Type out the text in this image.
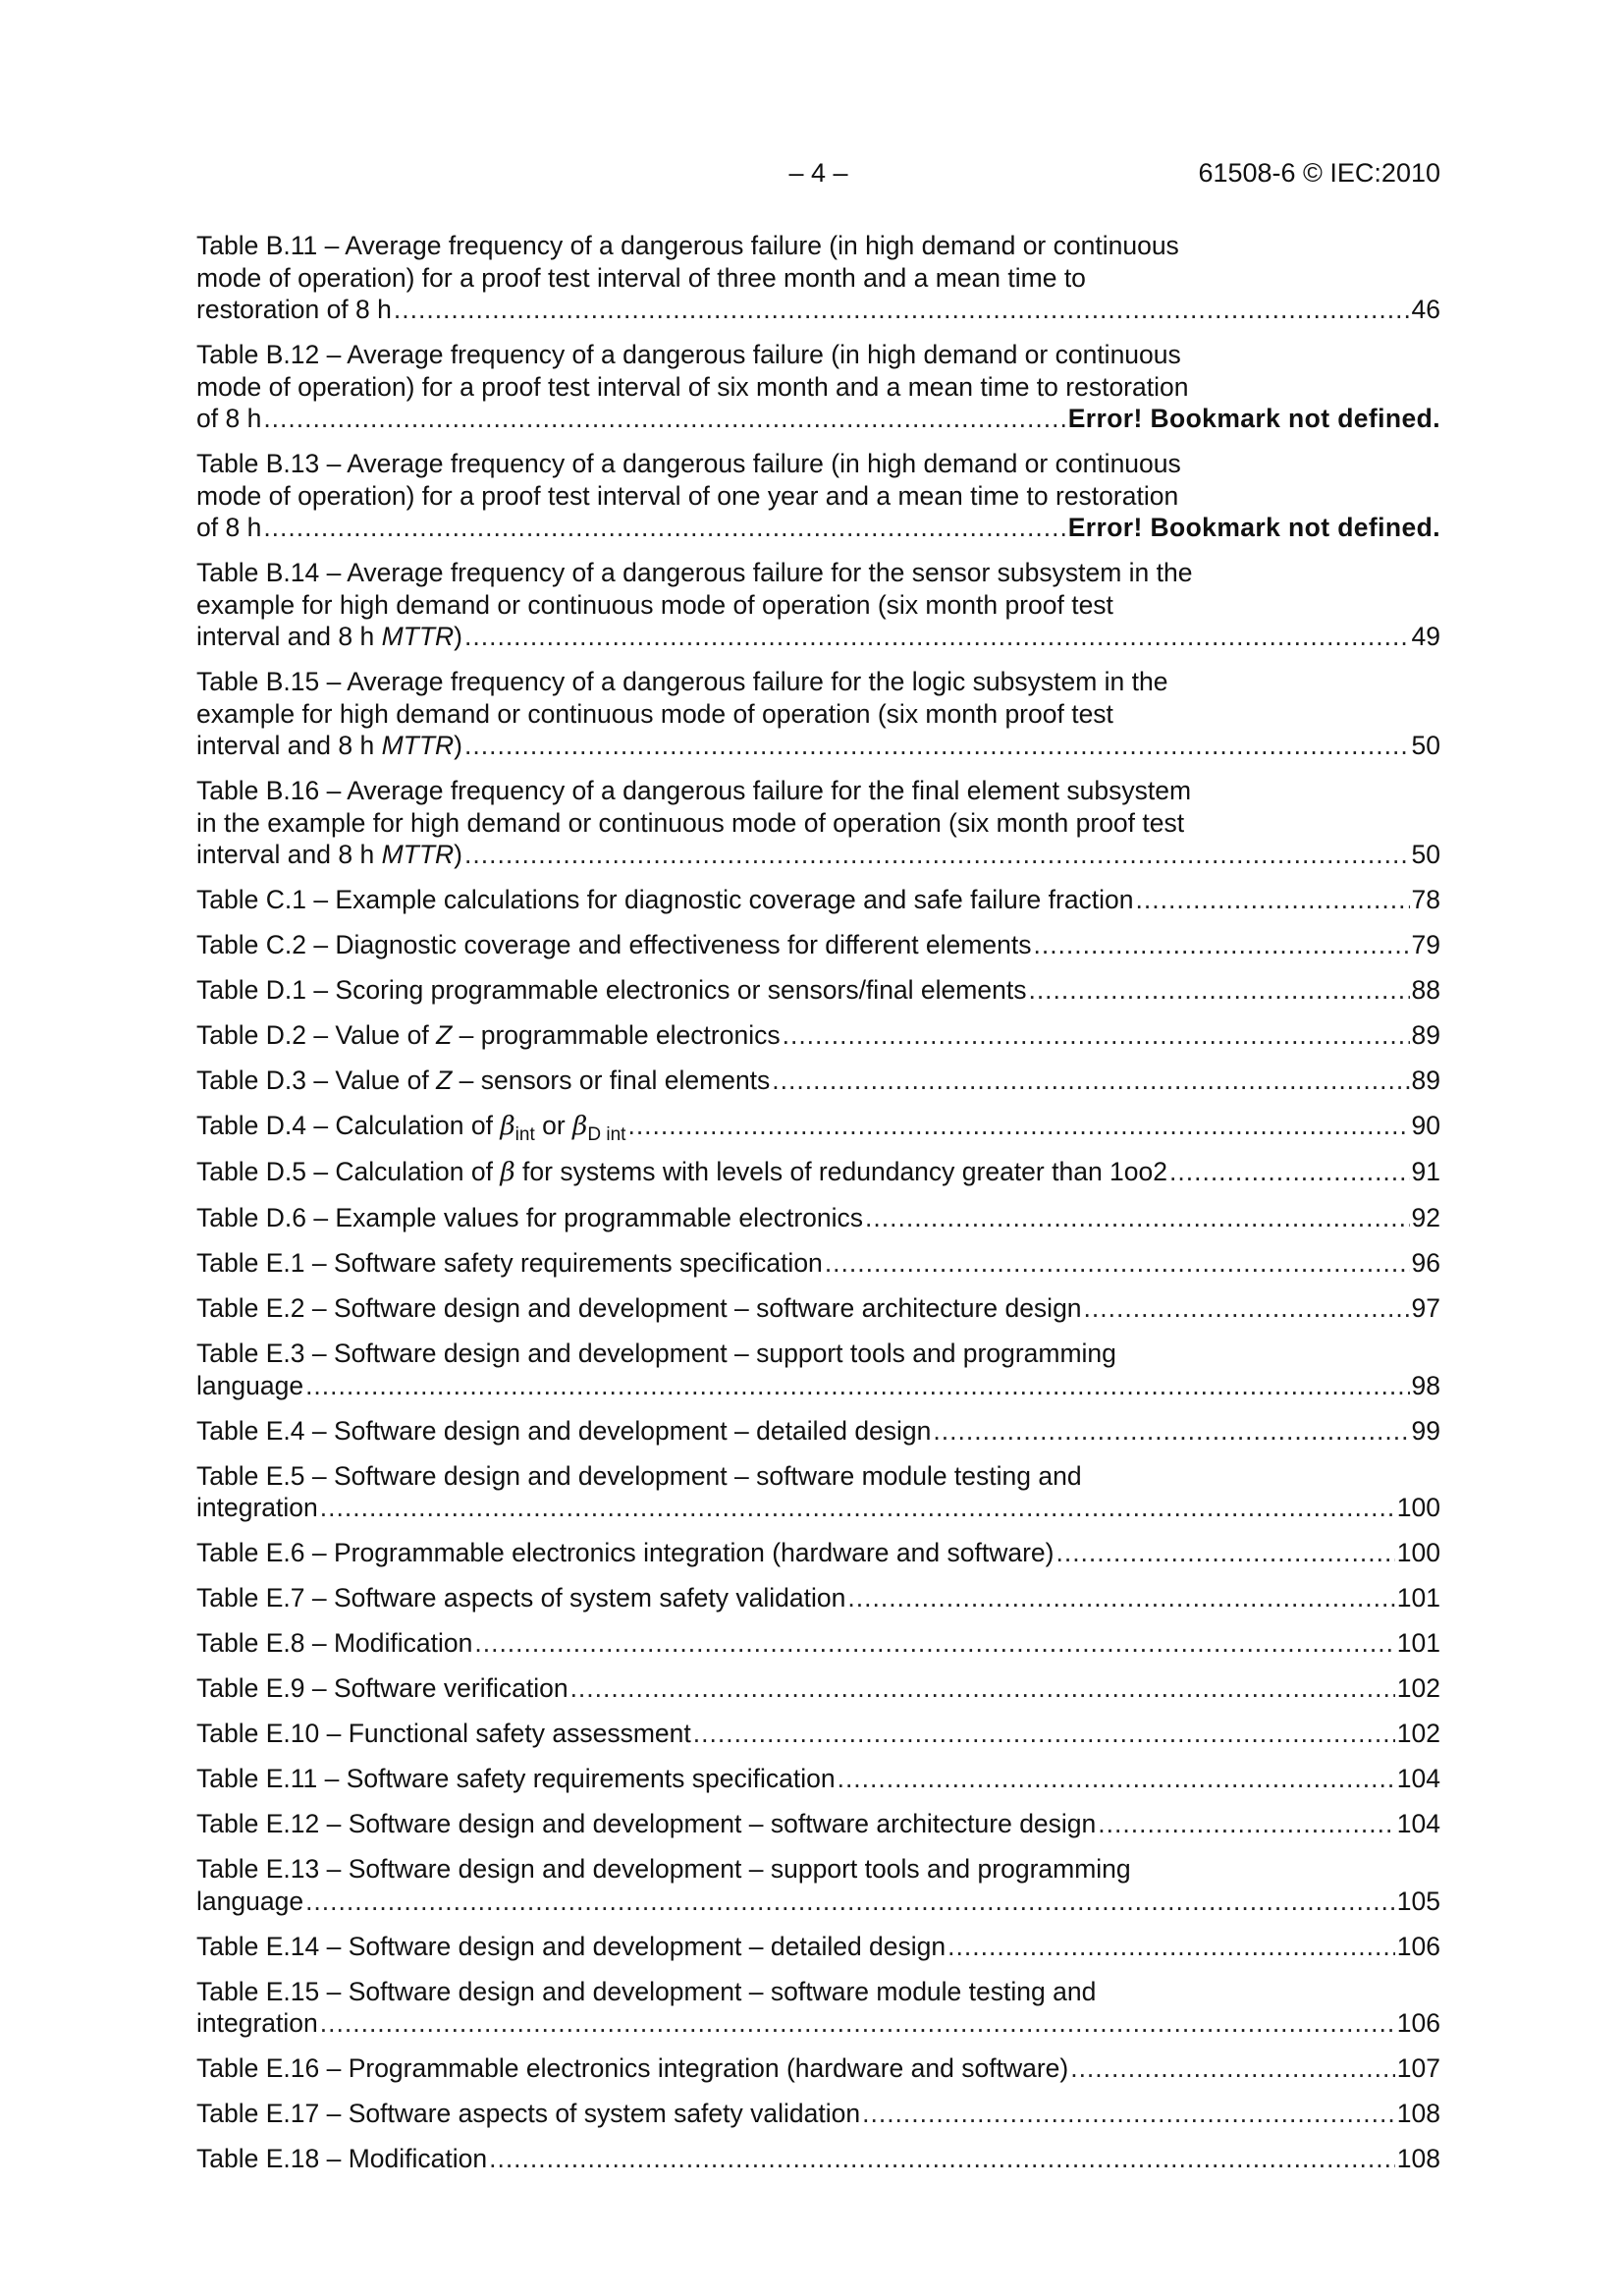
– 4 –	61508-6 © IEC:2010
Table B.11 – Average frequency of a dangerous failure (in high demand or continuous
mode of operation) for a proof test interval of three month and a mean time to
restoration of 8 h .....	46
Table B.12 – Average frequency of a dangerous failure (in high demand or continuous
mode of operation) for a proof test interval of six month and a mean time to restoration
of 8 h .....	Error! Bookmark not defined.
Table B.13 – Average frequency of a dangerous failure (in high demand or continuous
mode of operation) for a proof test interval of one year and a mean time to restoration
of 8 h .....	Error! Bookmark not defined.
Table B.14 – Average frequency of a dangerous failure for the sensor subsystem in the
example for high demand or continuous mode of operation (six month proof test
interval and 8 h MTTR) .....	49
Table B.15 – Average frequency of a dangerous failure for the logic subsystem in the
example for high demand or continuous mode of operation (six month proof test
interval and 8 h MTTR) .....	50
Table B.16 – Average frequency of a dangerous failure for the final element subsystem
in the example for high demand or continuous mode of operation (six month proof test
interval and 8 h MTTR) .....	50
Table C.1 – Example calculations for diagnostic coverage and safe failure fraction .....	78
Table C.2 – Diagnostic coverage and effectiveness for different elements .....	79
Table D.1 – Scoring programmable electronics or sensors/final elements .....	88
Table D.2 – Value of Z – programmable electronics .....	89
Table D.3 – Value of Z – sensors or final elements .....	89
Table D.4 – Calculation of $\beta_{int}$ or $\beta_{D int}$ .....	90
Table D.5 – Calculation of β for systems with levels of redundancy greater than 1oo2 .....	91
Table D.6 – Example values for programmable electronics .....	92
Table E.1 – Software safety requirements specification .....	96
Table E.2 – Software design and development – software architecture design .....	97
Table E.3 – Software design and development – support tools and programming
language .....	98
Table E.4 – Software design and development – detailed design .....	99
Table E.5 – Software design and development – software module testing and
integration .....	100
Table E.6 – Programmable electronics integration (hardware and software) .....	100
Table E.7 – Software aspects of system safety validation .....	101
Table E.8 – Modification .....	101
Table E.9 – Software verification .....	102
Table E.10 – Functional safety assessment .....	102
Table E.11 – Software safety requirements specification .....	104
Table E.12 – Software design and development – software architecture design .....	104
Table E.13 – Software design and development – support tools and programming
language .....	105
Table E.14 – Software design and development – detailed design .....	106
Table E.15 – Software design and development – software module testing and
integration .....	106
Table E.16 – Programmable electronics integration (hardware and software) .....	107
Table E.17 – Software aspects of system safety validation .....	108
Table E.18 – Modification .....	108
